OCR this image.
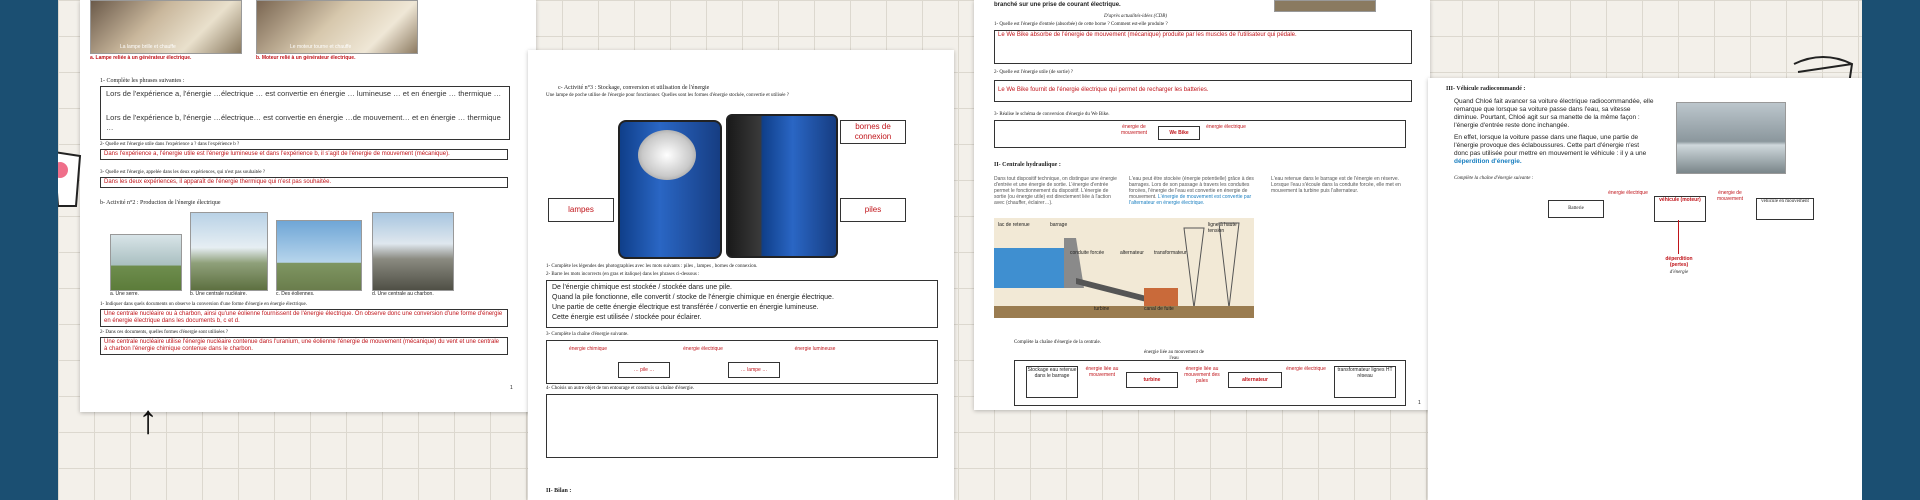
La lampe brille et chauffe	Le moteur tourne et chauffe
a. Lampe reliée à un générateur électrique.	b. Moteur relié à un générateur électrique.
1- Complète les phrases suivantes :
Lors de l'expérience a, l'énergie …électrique … est convertie en énergie … lumineuse … et en énergie … thermique …
Lors de l'expérience b, l'énergie …électrique… est convertie en énergie …de mouvement… et en énergie … thermique …
2- Quelle est l'énergie utile dans l'expérience a ? dans l'expérience b ?
Dans l'expérience a, l'énergie utile est l'énergie lumineuse et dans l'expérience b, il s'agit de l'énergie de mouvement (mécanique).
3- Quelle est l'énergie, appelée dans les deux expériences, qui n'est pas souhaitée ?
Dans les deux expériences, il apparaît de l'énergie thermique qui n'est pas souhaitée.
b- Activité n°2 : Production de l'énergie électrique
a. Une serre.	b. Une centrale nucléaire.	c. Des éoliennes.	d. Une centrale au charbon.
1- Indiquer dans quels documents on observe la conversion d'une forme d'énergie en énergie électrique.
Une centrale nucléaire ou à charbon, ainsi qu'une éolienne fournissent de l'énergie électrique. On observe donc une conversion d'une forme d'énergie en énergie électrique dans les documents b, c et d.
2- Dans ces documents, quelles formes d'énergie sont utilisées ?
Une centrale nucléaire utilise l'énergie nucléaire contenue dans l'uranium, une éolienne l'énergie de mouvement (mécanique) du vent et une centrale à charbon l'énergie chimique contenue dans le charbon.
1
↑
c- Activité n°3 : Stockage, conversion et utilisation de l'énergie
Une lampe de poche utilise de l'énergie pour fonctionner. Quelles sont les formes d'énergie stockée, convertie et utilisée ?
bornes de connexion
lampes	piles
1- Complète les légendes des photographies avec les mots suivants : piles , lampes , bornes de connexion.
2- Barre les mots incorrects (en gras et italique) dans les phrases ci-dessous :
De l'énergie chimique est stockée / stockée dans une pile.
Quand la pile fonctionne, elle convertit / stocke de l'énergie chimique en énergie électrique.
Une partie de cette énergie électrique est transférée / convertie en énergie lumineuse.
Cette énergie est utilisée / stockée pour éclairer.
3- Complète la chaîne d'énergie suivante.
énergie chimique
… pile …
énergie électrique
… lampe …
énergie lumineuse
4- Choisis un autre objet de ton entourage et construis sa chaîne d'énergie.
II- Bilan :
branché sur une prise de courant électrique.
D'après actualités-idées (CDB)
1- Quelle est l'énergie d'entrée (absorbée) de cette borne ? Comment est-elle produite ?
Le We Bike absorbe de l'énergie de mouvement (mécanique) produite par les muscles de l'utilisateur qui pédale.
2- Quelle est l'énergie utile (de sortie) ?
Le We Bike fournit de l'énergie électrique qui permet de recharger les batteries.
3- Réalise le schéma de conversion d'énergie du We Bike.
énergie de mouvement	We Bike
énergie électrique
II- Centrale hydraulique :
Dans tout dispositif technique, on distingue une énergie d'entrée et une énergie de sortie. L'énergie d'entrée permet le fonctionnement du dispositif. L'énergie de sortie (ou énergie utile) est directement liée à l'action avec (chauffer, éclairer…).
L'eau peut être stockée (énergie potentielle) grâce à des barrages. Lors de son passage à travers les conduites forcées, l'énergie de l'eau est convertie en énergie de mouvement. L'énergie de mouvement est convertie par l'alternateur en énergie électrique.
L'eau retenue dans le barrage est de l'énergie en réserve. Lorsque l'eau s'écoule dans la conduite forcée, elle met en mouvement la turbine puis l'alternateur.
lac de retenue	barrage
conduite forcée	alternateur transformateur
ligne à haute tension
canal de fuite
turbine
Complète la chaîne d'énergie de la centrale.
énergie liée au mouvement de l'eau
Stockage eau retenue dans le barrage
énergie liée au mouvement
turbine
énergie liée au mouvement des pales	alternateur
énergie électrique	transformateur lignes HT réseau
1
III- Véhicule radiocommandé :
Quand Chloé fait avancer sa voiture électrique radiocommandée, elle remarque que lorsque sa voiture passe dans l'eau, sa vitesse diminue. Pourtant, Chloé agit sur sa manette de la même façon : l'énergie d'entrée reste donc inchangée.
En effet, lorsque la voiture passe dans une flaque, une partie de l'énergie provoque des éclaboussures. Cette part d'énergie n'est donc pas utilisée pour mettre en mouvement le véhicule : il y a une déperdition d'énergie.
Complète la chaîne d'énergie suivante :
Batterie
énergie électrique
véhicule (moteur)
énergie de mouvement	véhicule en mouvement
déperdition (pertes)
d'énergie
